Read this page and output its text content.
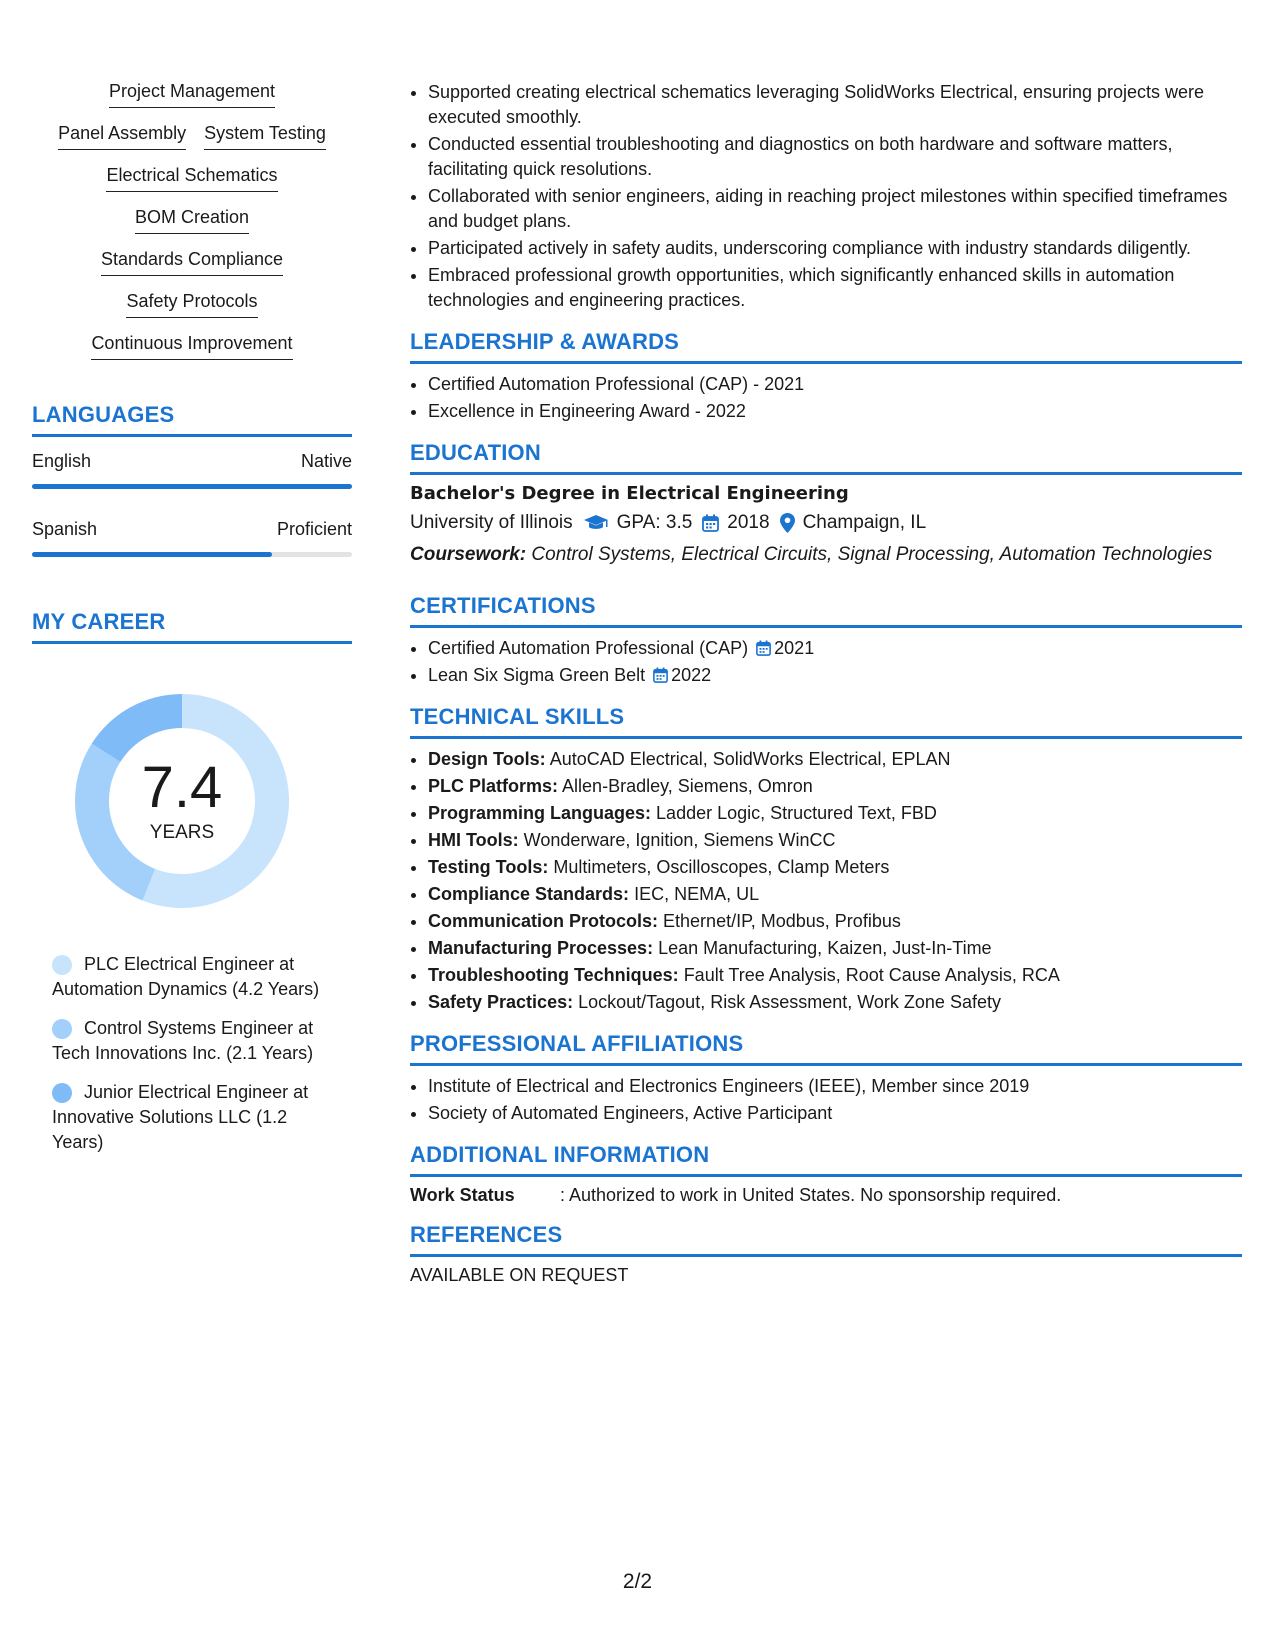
Project Management
Panel Assembly System Testing
Electrical Schematics
BOM Creation
Standards Compliance
Safety Protocols
Continuous Improvement
LANGUAGES
English	Native
Spanish	Proficient
MY CAREER
7.4
YEARS
PLC Electrical Engineer at Automation Dynamics (4.2 Years)
Control Systems Engineer at Tech Innovations Inc. (2.1 Years)
Junior Electrical Engineer at Innovative Solutions LLC (1.2 Years)
• Supported creating electrical schematics leveraging SolidWorks Electrical, ensuring projects were executed smoothly.
• Conducted essential troubleshooting and diagnostics on both hardware and software matters, facilitating quick resolutions.
• Collaborated with senior engineers, aiding in reaching project milestones within specified timeframes and budget plans.
• Participated actively in safety audits, underscoring compliance with industry standards diligently.
• Embraced professional growth opportunities, which significantly enhanced skills in automation technologies and engineering practices.
LEADERSHIP & AWARDS
• Certified Automation Professional (CAP) - 2021
• Excellence in Engineering Award - 2022
EDUCATION
Bachelor's Degree in Electrical Engineering
University of Illinois GPA: 3.5 2018 Champaign, IL
Coursework: Control Systems, Electrical Circuits, Signal Processing, Automation Technologies
CERTIFICATIONS
• Certified Automation Professional (CAP) 2021
• Lean Six Sigma Green Belt 2022
TECHNICAL SKILLS
• Design Tools: AutoCAD Electrical, SolidWorks Electrical, EPLAN
• PLC Platforms: Allen-Bradley, Siemens, Omron
• Programming Languages: Ladder Logic, Structured Text, FBD
• HMI Tools: Wonderware, Ignition, Siemens WinCC
• Testing Tools: Multimeters, Oscilloscopes, Clamp Meters
• Compliance Standards: IEC, NEMA, UL
• Communication Protocols: Ethernet/IP, Modbus, Profibus
• Manufacturing Processes: Lean Manufacturing, Kaizen, Just-In-Time
• Troubleshooting Techniques: Fault Tree Analysis, Root Cause Analysis, RCA
• Safety Practices: Lockout/Tagout, Risk Assessment, Work Zone Safety
PROFESSIONAL AFFILIATIONS
• Institute of Electrical and Electronics Engineers (IEEE), Member since 2019
• Society of Automated Engineers, Active Participant
ADDITIONAL INFORMATION
Work Status	: Authorized to work in United States. No sponsorship required.
REFERENCES
AVAILABLE ON REQUEST
2/2
